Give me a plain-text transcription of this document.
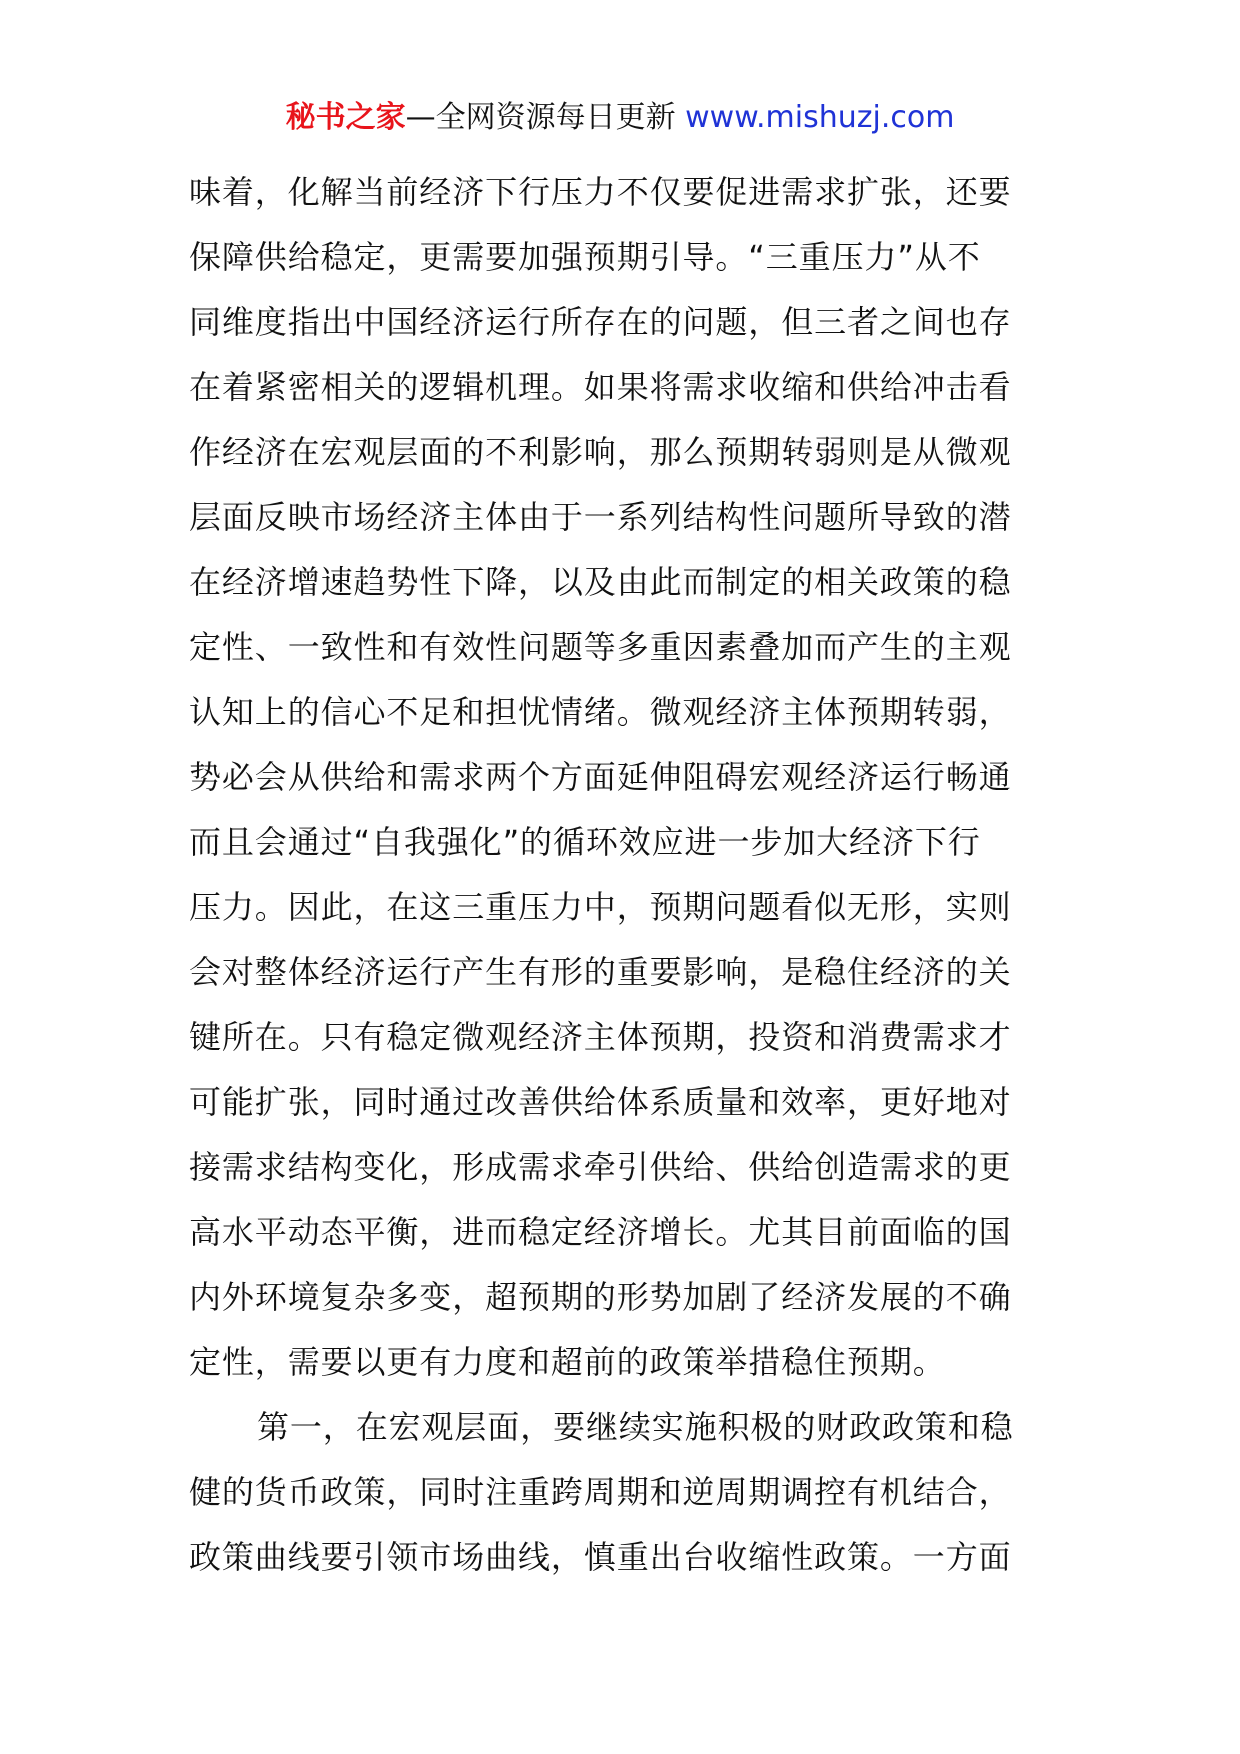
秘书之家—全网资源每日更新 www.mishuzj.com
味着，化解当前经济下行压力不仅要促进需求扩张，还要
保障供给稳定，更需要加强预期引导。“三重压力”从不
同维度指出中国经济运行所存在的问题，但三者之间也存
在着紧密相关的逻辑机理。如果将需求收缩和供给冲击看
作经济在宏观层面的不利影响，那么预期转弱则是从微观
层面反映市场经济主体由于一系列结构性问题所导致的潜
在经济增速趋势性下降，以及由此而制定的相关政策的稳
定性、一致性和有效性问题等多重因素叠加而产生的主观
认知上的信心不足和担忧情绪。微观经济主体预期转弱，
势必会从供给和需求两个方面延伸阻碍宏观经济运行畅通
而且会通过“自我强化”的循环效应进一步加大经济下行
压力。因此，在这三重压力中，预期问题看似无形，实则
会对整体经济运行产生有形的重要影响，是稳住经济的关
键所在。只有稳定微观经济主体预期，投资和消费需求才
可能扩张，同时通过改善供给体系质量和效率，更好地对
接需求结构变化，形成需求牵引供给、供给创造需求的更
高水平动态平衡，进而稳定经济增长。尤其目前面临的国
内外环境复杂多变，超预期的形势加剧了经济发展的不确
定性，需要以更有力度和超前的政策举措稳住预期。
第一，在宏观层面，要继续实施积极的财政政策和稳
健的货币政策，同时注重跨周期和逆周期调控有机结合，
政策曲线要引领市场曲线，慎重出台收缩性政策。一方面
